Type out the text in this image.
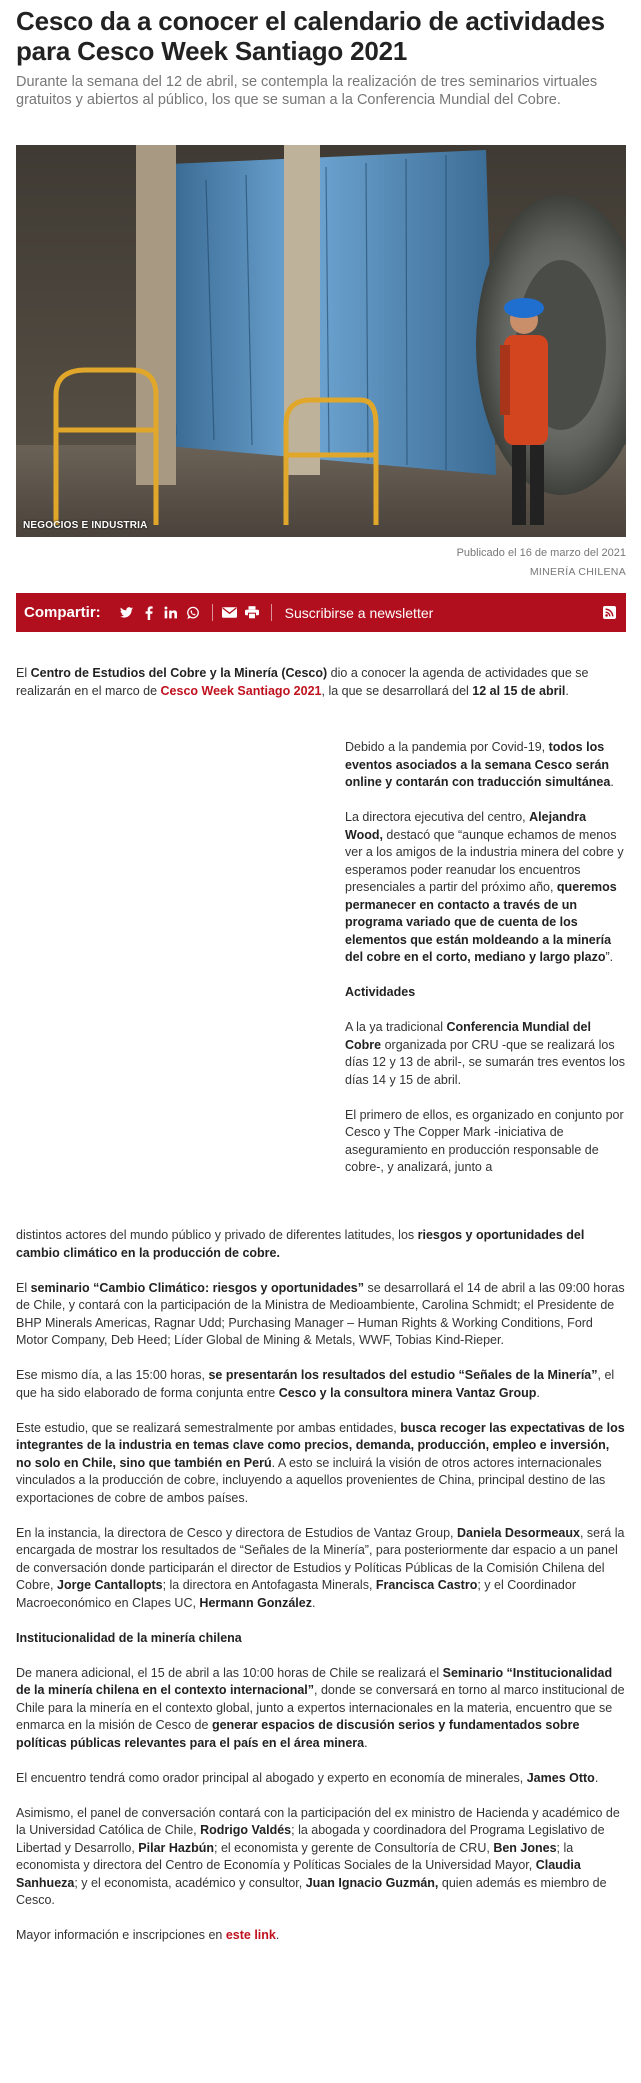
Cesco da a conocer el calendario de actividades para Cesco Week Santiago 2021
Durante la semana del 12 de abril, se contempla la realización de tres seminarios virtuales gratuitos y abiertos al público, los que se suman a la Conferencia Mundial del Cobre.
NEGOCIOS E INDUSTRIA
Publicado el 16 de marzo del 2021
MINERÍA CHILENA
Compartir:	Suscribirse a newsletter

El Centro de Estudios del Cobre y la Minería (Cesco) dio a conocer la agenda de actividades que se realizarán en el marco de Cesco Week Santiago 2021, la que se desarrollará del 12 al 15 de abril.

Debido a la pandemia por Covid-19, todos los eventos asociados a la semana Cesco serán online y contarán con traducción simultánea.

La directora ejecutiva del centro, Alejandra Wood, destacó que “aunque echamos de menos ver a los amigos de la industria minera del cobre y esperamos poder reanudar los encuentros presenciales a partir del próximo año, queremos permanecer en contacto a través de un programa variado que de cuenta de los elementos que están moldeando a la minería del cobre en el corto, mediano y largo plazo”.

Actividades

A la ya tradicional Conferencia Mundial del Cobre organizada por CRU -que se realizará los días 12 y 13 de abril-, se sumarán tres eventos los días 14 y 15 de abril.

El primero de ellos, es organizado en conjunto por Cesco y The Copper Mark -iniciativa de aseguramiento en producción responsable de cobre-, y analizará, junto a

distintos actores del mundo público y privado de diferentes latitudes, los riesgos y oportunidades del cambio climático en la producción de cobre.

El seminario “Cambio Climático: riesgos y oportunidades” se desarrollará el 14 de abril a las 09:00 horas de Chile, y contará con la participación de la Ministra de Medioambiente, Carolina Schmidt; el Presidente de BHP Minerals Americas, Ragnar Udd; Purchasing Manager – Human Rights & Working Conditions, Ford Motor Company, Deb Heed; Líder Global de Mining & Metals, WWF, Tobias Kind-Rieper.

Ese mismo día, a las 15:00 horas, se presentarán los resultados del estudio “Señales de la Minería”, el que ha sido elaborado de forma conjunta entre Cesco y la consultora minera Vantaz Group.

Este estudio, que se realizará semestralmente por ambas entidades, busca recoger las expectativas de los integrantes de la industria en temas clave como precios, demanda, producción, empleo e inversión, no solo en Chile, sino que también en Perú. A esto se incluirá la visión de otros actores internacionales vinculados a la producción de cobre, incluyendo a aquellos provenientes de China, principal destino de las exportaciones de cobre de ambos países.

En la instancia, la directora de Cesco y directora de Estudios de Vantaz Group, Daniela Desormeaux, será la encargada de mostrar los resultados de “Señales de la Minería”, para posteriormente dar espacio a un panel de conversación donde participarán el director de Estudios y Políticas Públicas de la Comisión Chilena del Cobre, Jorge Cantallopts; la directora en Antofagasta Minerals, Francisca Castro; y el Coordinador Macroeconómico en Clapes UC, Hermann González.

Institucionalidad de la minería chilena

De manera adicional, el 15 de abril a las 10:00 horas de Chile se realizará el Seminario “Institucionalidad de la minería chilena en el contexto internacional”, donde se conversará en torno al marco institucional de Chile para la minería en el contexto global, junto a expertos internacionales en la materia, encuentro que se enmarca en la misión de Cesco de generar espacios de discusión serios y fundamentados sobre políticas públicas relevantes para el país en el área minera.

El encuentro tendrá como orador principal al abogado y experto en economía de minerales, James Otto.

Asimismo, el panel de conversación contará con la participación del ex ministro de Hacienda y académico de la Universidad Católica de Chile, Rodrigo Valdés; la abogada y coordinadora del Programa Legislativo de Libertad y Desarrollo, Pilar Hazbún; el economista y gerente de Consultoría de CRU, Ben Jones; la economista y directora del Centro de Economía y Políticas Sociales de la Universidad Mayor, Claudia Sanhueza; y el economista, académico y consultor, Juan Ignacio Guzmán, quien además es miembro de Cesco.

Mayor información e inscripciones en este link.
